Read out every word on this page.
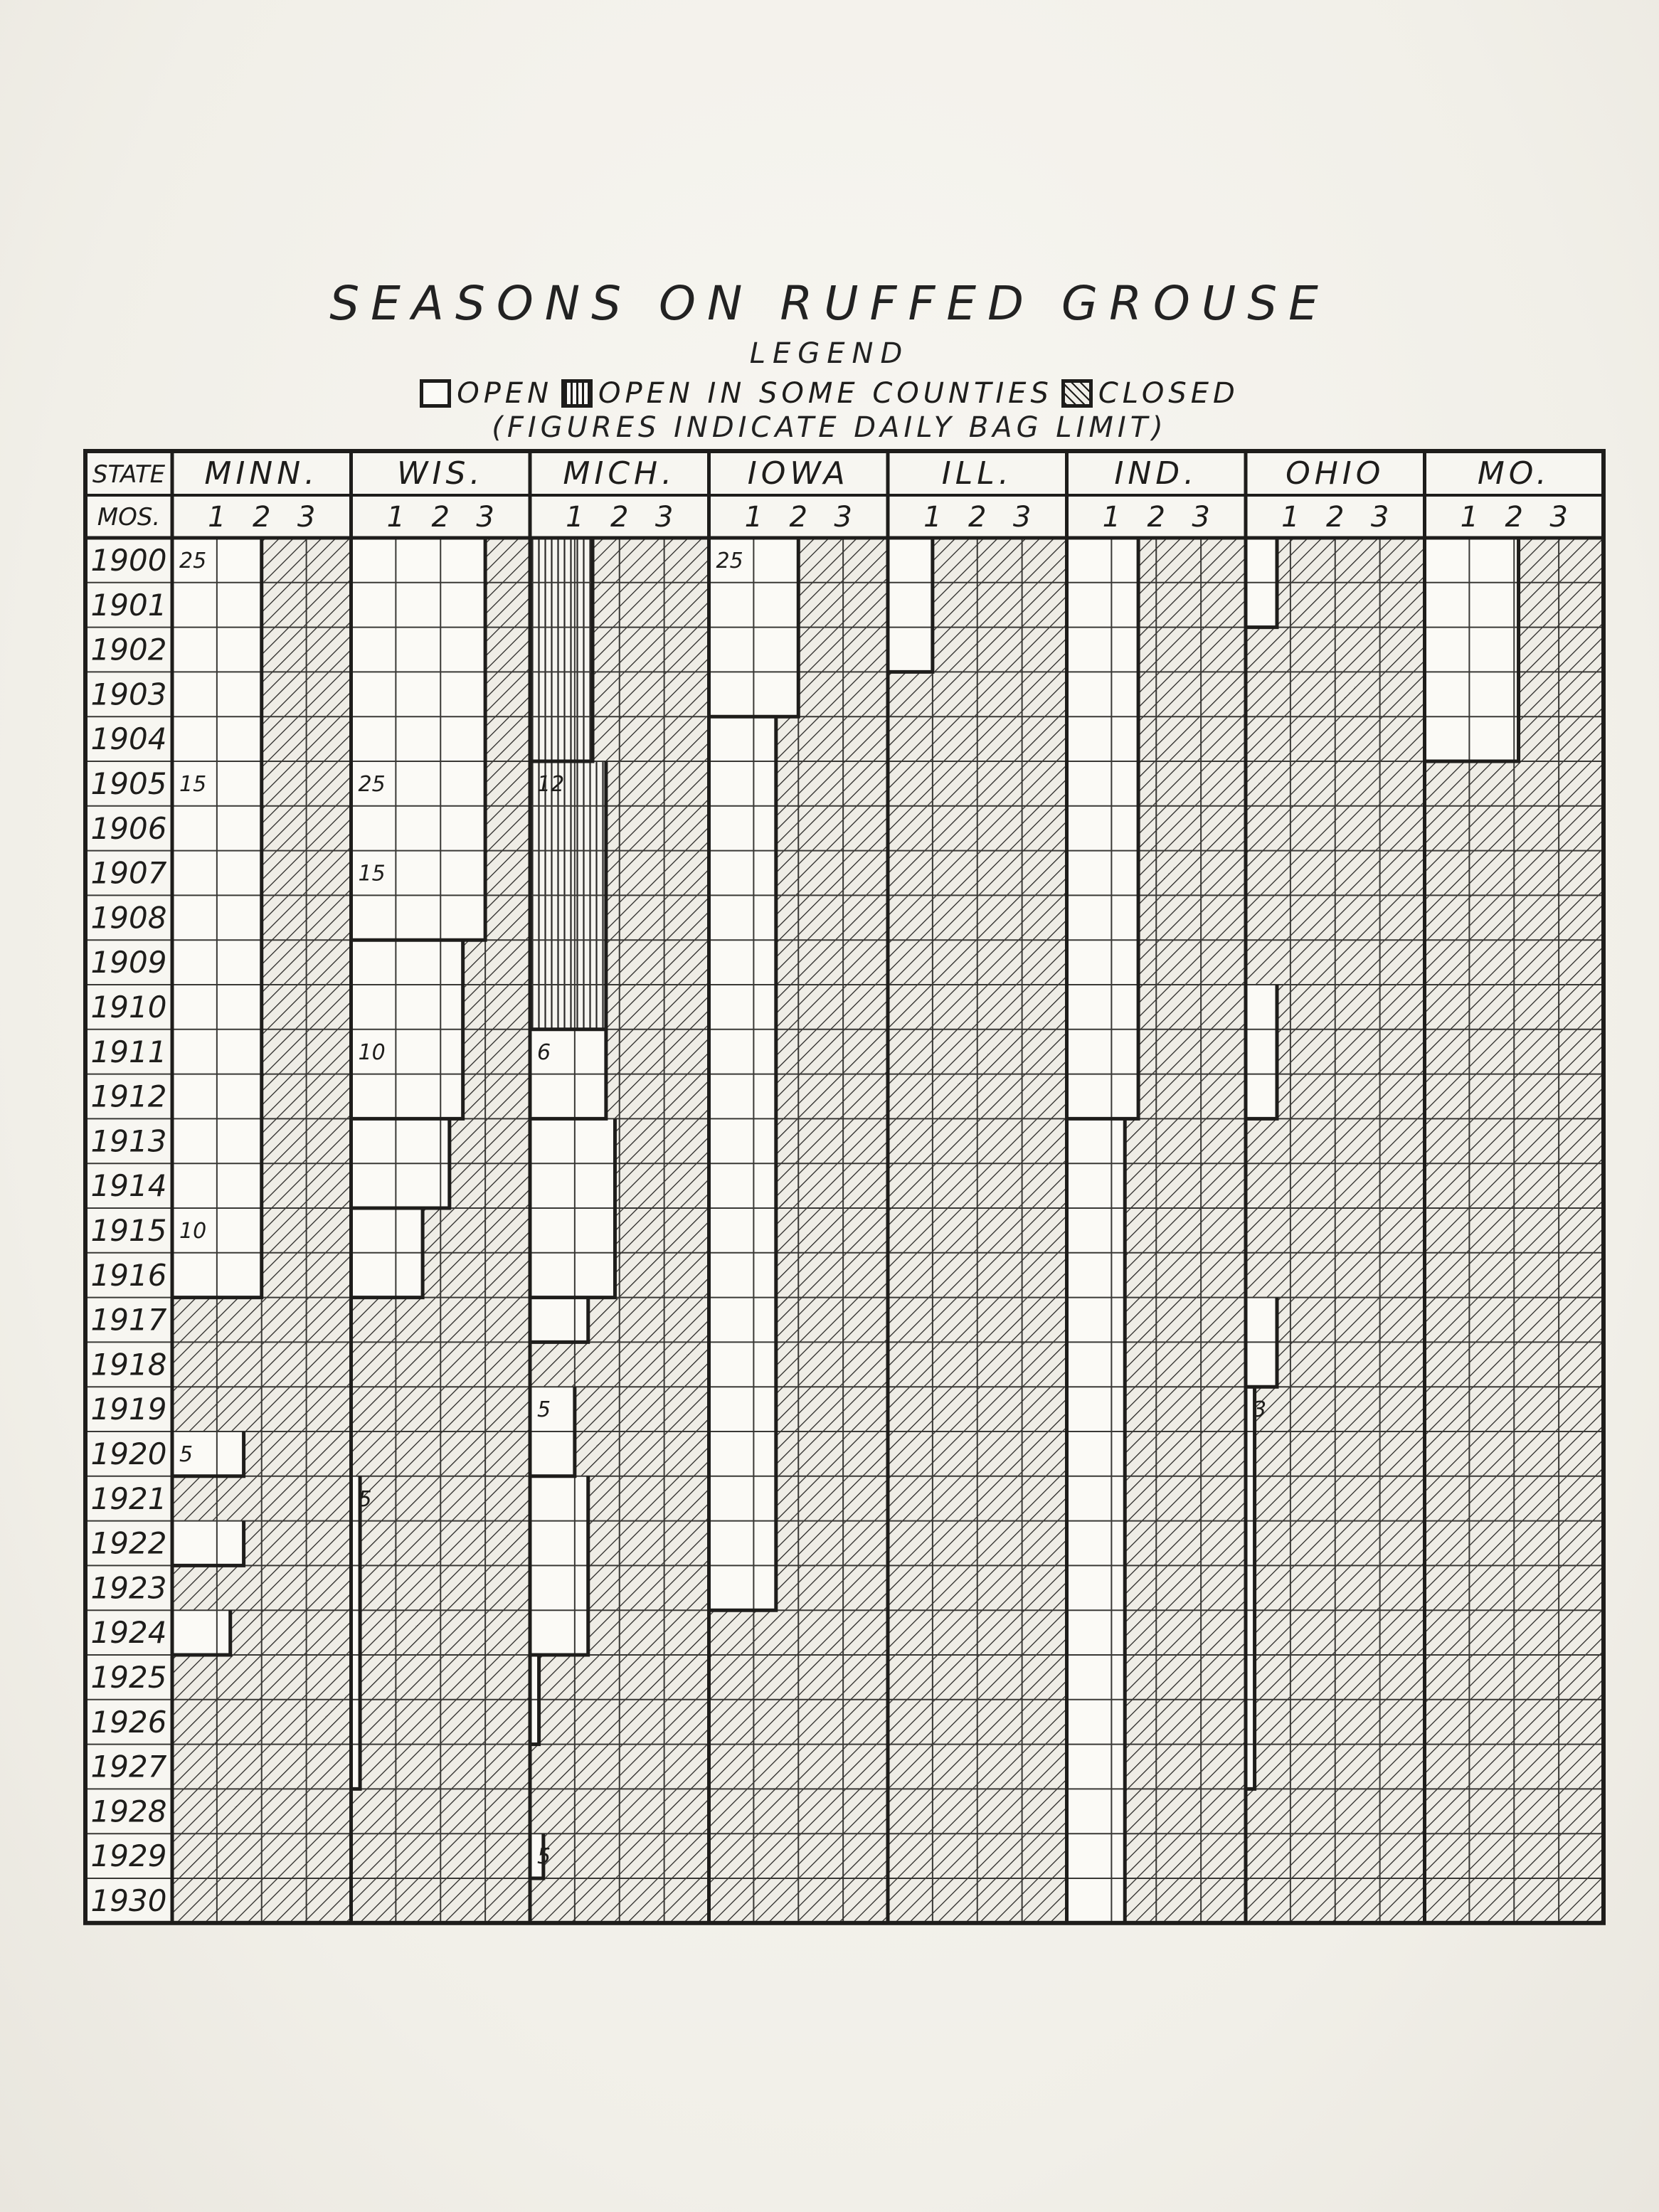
SEASONS ON RUFFED GROUSE
LEGEND
OPEN OPEN IN SOME COUNTIES CLOSED
(FIGURES INDICATE DAILY BAG LIMIT)
STATE
MOS.
MINN.
1 2 3
25
15
10
5
WIS.
1 2 3
25
15
10
5
MICH.
1 2 3
12
6
5
5
IOWA
1 2 3
25
ILL.
1 2 3
IND.
1 2 3
OHIO
1 2 3
3
MO.
1 2 3
1900
1901
1902
1903
1904
1905
1906
1907
1908
1909
1910
1911
1912
1913
1914
1915
1916
1917
1918
1919
1920
1921
1922
1923
1924
1925
1926
1927
1928
1929
1930
